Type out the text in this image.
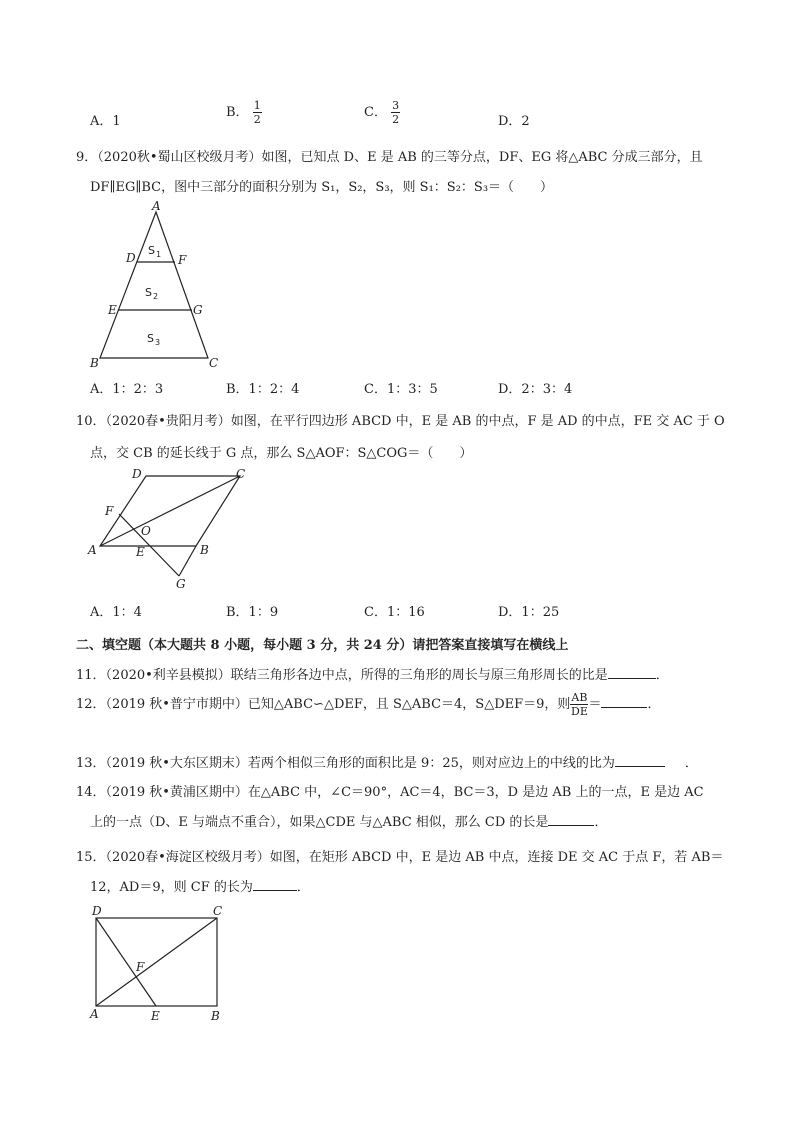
A．1
B． $\frac{1}{2}$	C． $\frac{3}{2}$	D．2
9．（2020秋•蜀山区校级月考）如图，已知点 D、E 是 AB 的三等分点，DF、EG 将△ABC 分成三部分，且
DF∥EG∥BC，图中三部分的面积分别为 S₁，S₂，S₃，则 S₁：S₂：S₃＝（　　）
A
D	F
E	G
B	C
S 1
S 2
S 3
A．1：2：3	B．1：2：4	C．1：3：5	D．2：3：4
10．（2020春•贵阳月考）如图，在平行四边形 ABCD 中，E 是 AB 的中点，F 是 AD 的中点，FE 交 AC 于 O
点，交 CB 的延长线于 G 点，那么 S△AOF：S△COG＝（　　）
D	C
F
O
A	E	B
G
A．1：4	B．1：9	C．1：16	D．1：25
二、填空题（本大题共 8 小题，每小题 3 分，共 24 分）请把答案直接填写在横线上
11．（2020•利辛县模拟）联结三角形各边中点，所得的三角形的周长与原三角形周长的比是	．
12．（2019 秋•普宁市期中）已知△ABC∽△DEF，且 S△ABC＝4，S△DEF＝9，则 $\frac{AB}{DE}$ ＝	．
13．（2019 秋•大东区期末）若两个相似三角形的面积比是 9：25，则对应边上的中线的比为	．
14．（2019 秋•黄浦区期中）在△ABC 中，∠C＝90°，AC＝4，BC＝3，D 是边 AB 上的一点，E 是边 AC
上的一点（D、E 与端点不重合），如果△CDE 与△ABC 相似，那么 CD 的长是	．
15．（2020春•海淀区校级月考）如图，在矩形 ABCD 中，E 是边 AB 中点，连接 DE 交 AC 于点 F，若 AB＝
12，AD＝9，则 CF 的长为	．
D	C
F
A	E	B
